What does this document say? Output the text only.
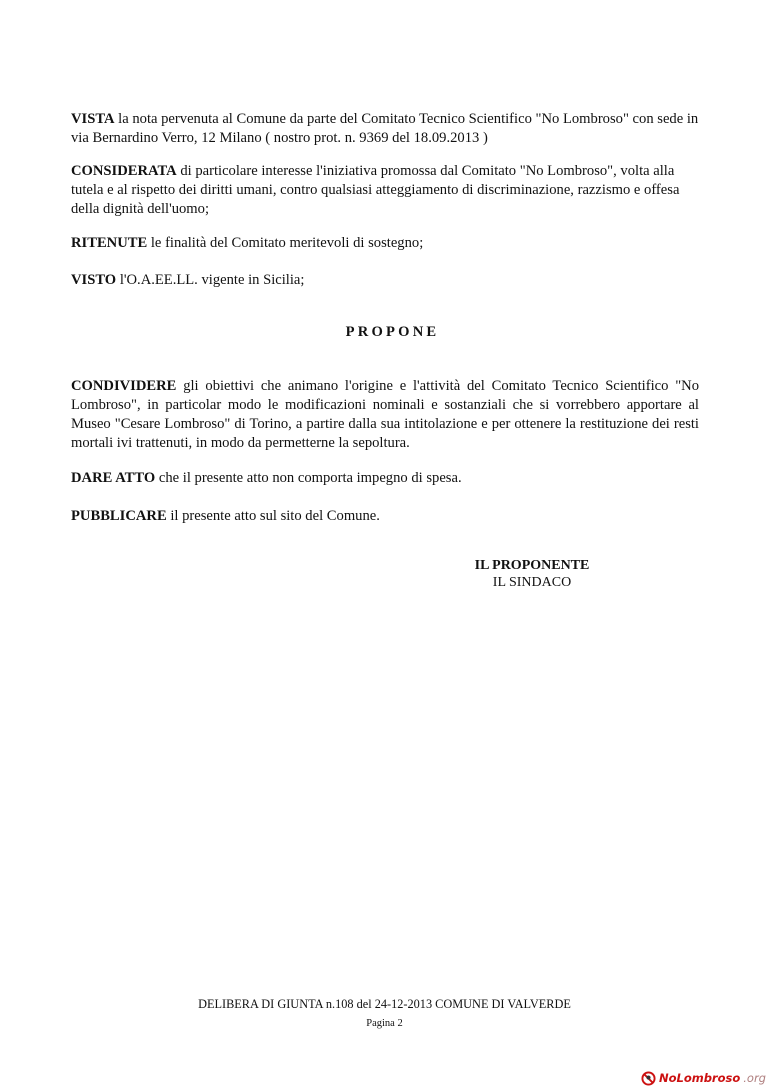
VISTA la nota pervenuta al Comune da parte del Comitato Tecnico Scientifico "No Lombroso" con sede in via Bernardino Verro, 12 Milano ( nostro prot. n. 9369 del 18.09.2013 )

CONSIDERATA di particolare interesse l'iniziativa promossa dal Comitato "No Lombroso", volta alla tutela e al rispetto dei diritti umani, contro qualsiasi atteggiamento di discriminazione, razzismo e offesa della dignità dell'uomo;

RITENUTE le finalità del Comitato meritevoli di sostegno;

VISTO l'O.A.EE.LL. vigente in Sicilia;

PROPONE

CONDIVIDERE gli obiettivi che animano l'origine e l'attività del Comitato Tecnico Scientifico "No Lombroso", in particolar modo le modificazioni nominali e sostanziali che si vorrebbero apportare al Museo "Cesare Lombroso" di Torino, a partire dalla sua intitolazione e per ottenere la restituzione dei resti mortali ivi trattenuti, in modo da permetterne la sepoltura.

DARE ATTO che il presente atto non comporta impegno di spesa.

PUBBLICARE il presente atto sul sito del Comune.

IL PROPONENTE
IL SINDACO
DELIBERA DI GIUNTA n.108 del 24-12-2013 COMUNE DI VALVERDE
Pagina 2
NoLombroso .org
